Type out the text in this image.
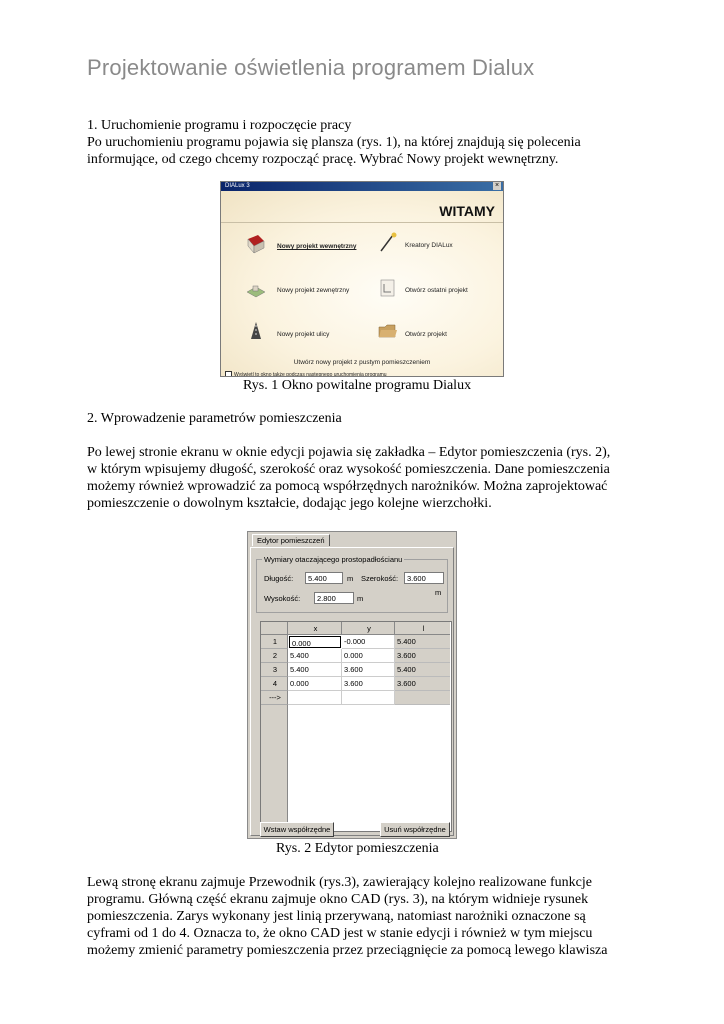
Projektowanie oświetlenia programem Dialux
1. Uruchomienie programu i rozpoczęcie pracy
Po uruchomieniu programu pojawia się plansza (rys. 1), na której znajdują się polecenia
informujące, od czego chcemy rozpocząć pracę. Wybrać Nowy projekt wewnętrzny.
DIALux 3	×
WITAMY
Nowy projekt wewnętrzny	Kreatory DIALux
Nowy projekt zewnętrzny	Otwórz ostatni projekt
Nowy projekt ulicy	Otwórz projekt
Utwórz nowy projekt z pustym pomieszczeniem
Wyświetl to okno także podczas następnego uruchomienia programu
Rys. 1 Okno powitalne programu Dialux
2. Wprowadzenie parametrów pomieszczenia
Po lewej stronie ekranu w oknie edycji pojawia się zakładka – Edytor pomieszczenia (rys. 2),
w którym wpisujemy długość, szerokość oraz wysokość pomieszczenia. Dane pomieszczenia
możemy również wprowadzić za pomocą współrzędnych narożników. Można zaprojektować
pomieszczenie o dowolnym kształcie, dodając jego kolejne wierzchołki.
Edytor pomieszczeń
Wymiary otaczającego prostopadłościanu
Długość:	5.400	m Szerokość:	3.600
m
Wysokość:	2.800	m
x	y	l
1	0.000	-0.000	5.400
2	5.400	0.000	3.600
3	5.400	3.600	5.400
4	0.000	3.600	3.600
--->
Wstaw współrzędne	Usuń współrzędne
Rys. 2 Edytor pomieszczenia
Lewą stronę ekranu zajmuje Przewodnik (rys.3), zawierający kolejno realizowane funkcje
programu. Główną część ekranu zajmuje okno CAD (rys. 3), na którym widnieje rysunek
pomieszczenia. Zarys wykonany jest linią przerywaną, natomiast narożniki oznaczone są
cyframi od 1 do 4. Oznacza to, że okno CAD jest w stanie edycji i również w tym miejscu
możemy zmienić parametry pomieszczenia przez przeciągnięcie za pomocą lewego klawisza
